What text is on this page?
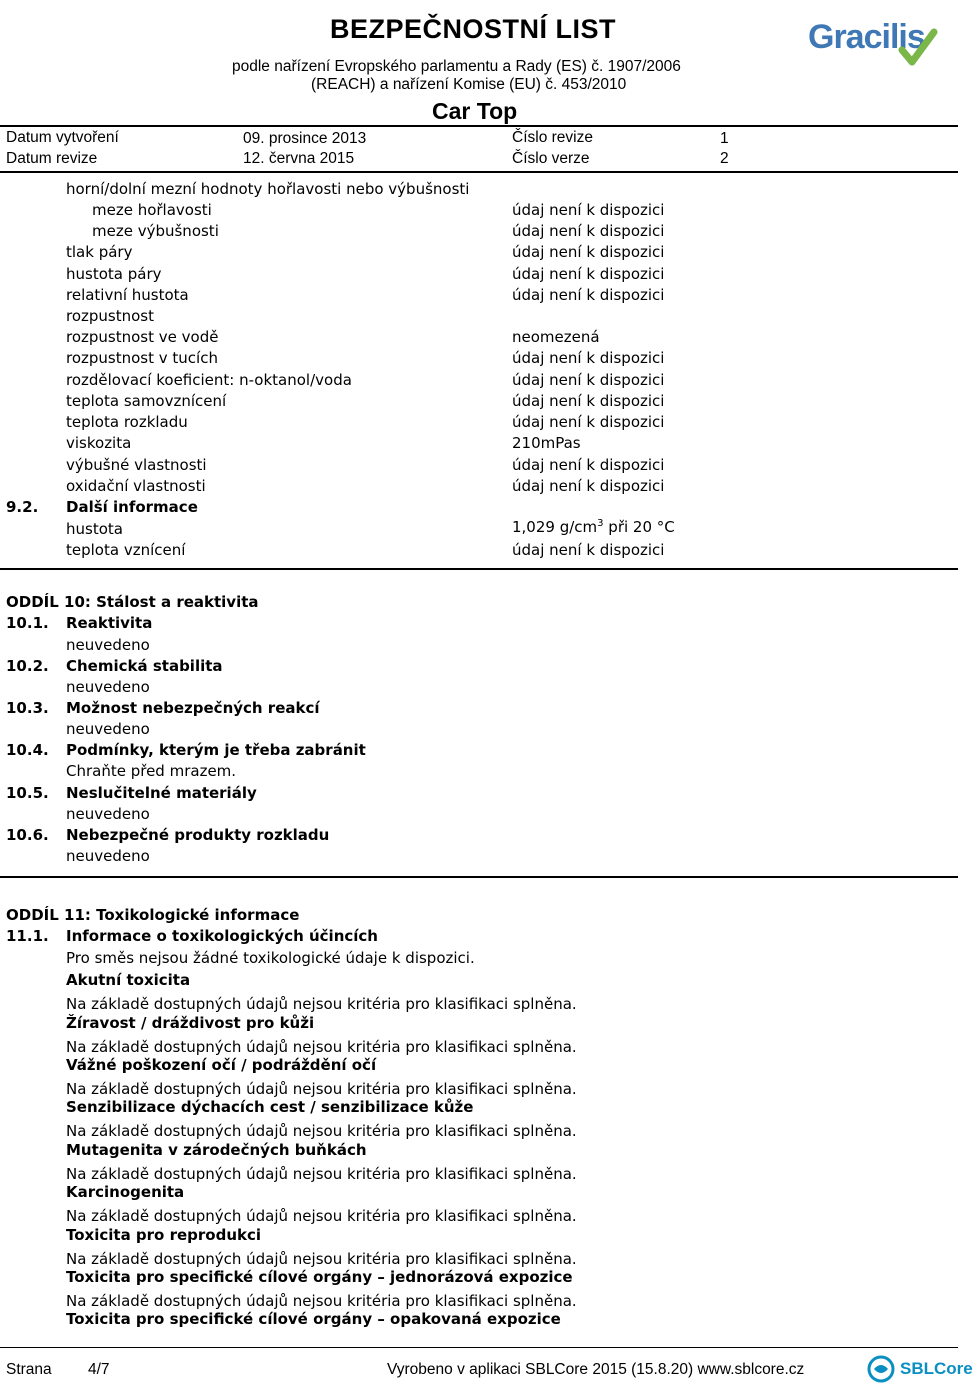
BEZPEČNOSTNÍ LIST
podle nařízení Evropského parlamentu a Rady (ES) č. 1907/2006
(REACH) a nařízení Komise (EU) č. 453/2010
Car Top
Gracilis
Datum vytvoření	09. prosince 2013	Číslo revize	1
Datum revize	12. června 2015	Číslo verze	2
horní/dolní mezní hodnoty hořlavosti nebo výbušnosti
meze hořlavosti	údaj není k dispozici
meze výbušnosti	údaj není k dispozici
tlak páry	údaj není k dispozici
hustota páry	údaj není k dispozici
relativní hustota	údaj není k dispozici
rozpustnost
rozpustnost ve vodě	neomezená
rozpustnost v tucích	údaj není k dispozici
rozdělovací koeficient: n-oktanol/voda	údaj není k dispozici
teplota samovznícení	údaj není k dispozici
teplota rozkladu	údaj není k dispozici
viskozita	210mPas
výbušné vlastnosti	údaj není k dispozici
oxidační vlastnosti	údaj není k dispozici
9.2. Další informace
hustota	1,029 $g/cm^3$ při 20 °C
teplota vznícení	údaj není k dispozici
ODDÍL 10: Stálost a reaktivita
10.1. Reaktivita
neuvedeno
10.2. Chemická stabilita
neuvedeno
10.3. Možnost nebezpečných reakcí
neuvedeno
10.4. Podmínky, kterým je třeba zabránit
Chraňte před mrazem.
10.5. Neslučitelné materiály
neuvedeno
10.6. Nebezpečné produkty rozkladu
neuvedeno
ODDÍL 11: Toxikologické informace
11.1. Informace o toxikologických účincích
Pro směs nejsou žádné toxikologické údaje k dispozici.
Akutní toxicita
Na základě dostupných údajů nejsou kritéria pro klasifikaci splněna.
Žíravost / dráždivost pro kůži
Na základě dostupných údajů nejsou kritéria pro klasifikaci splněna.
Vážné poškození očí / podráždění očí
Na základě dostupných údajů nejsou kritéria pro klasifikaci splněna.
Senzibilizace dýchacích cest / senzibilizace kůže
Na základě dostupných údajů nejsou kritéria pro klasifikaci splněna.
Mutagenita v zárodečných buňkách
Na základě dostupných údajů nejsou kritéria pro klasifikaci splněna.
Karcinogenita
Na základě dostupných údajů nejsou kritéria pro klasifikaci splněna.
Toxicita pro reprodukci
Na základě dostupných údajů nejsou kritéria pro klasifikaci splněna.
Toxicita pro specifické cílové orgány – jednorázová expozice
Na základě dostupných údajů nejsou kritéria pro klasifikaci splněna.
Toxicita pro specifické cílové orgány – opakovaná expozice
Strana 4/7	Vyrobeno v aplikaci SBLCore 2015 (15.8.20) www.sblcore.cz	SBLCore
